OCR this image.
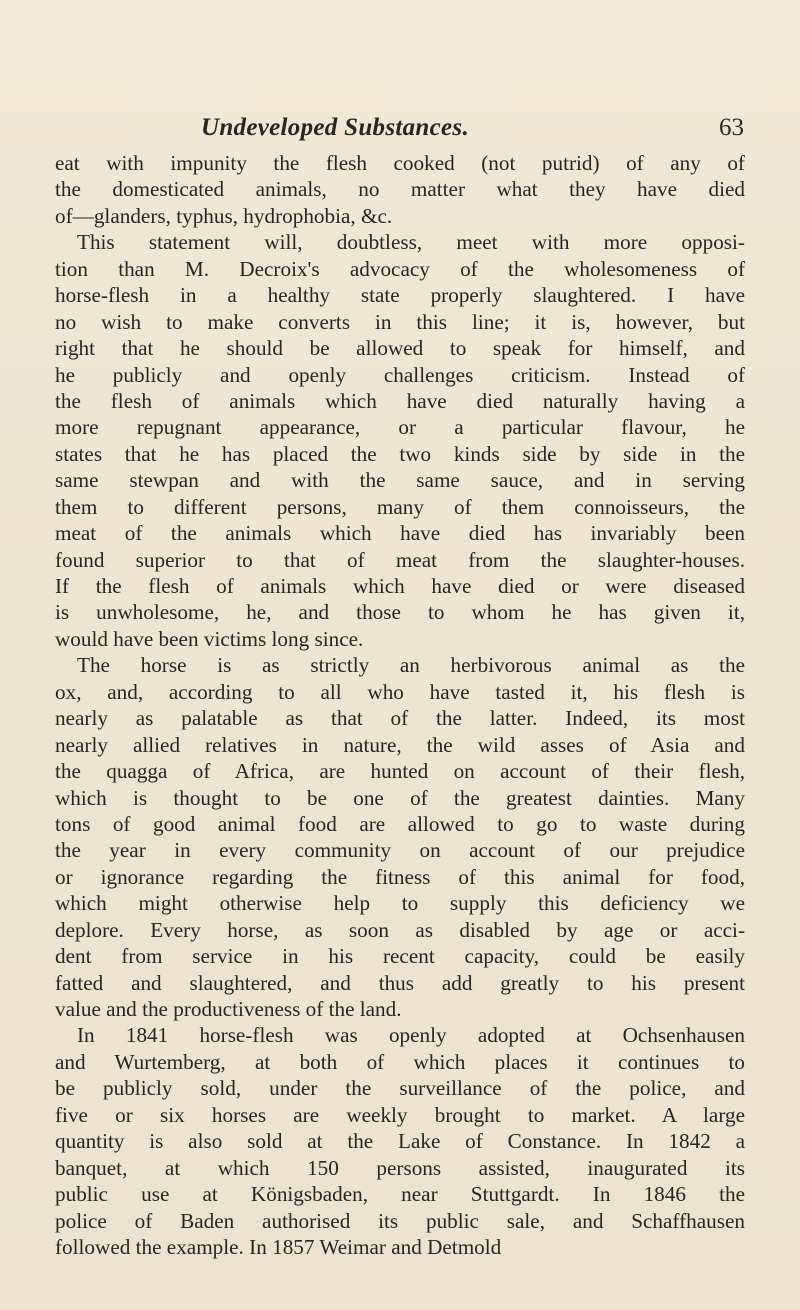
Undeveloped Substances.	63
eat with impunity the flesh cooked (not putrid) of any of
the domesticated animals, no matter what they have died
of—glanders, typhus, hydrophobia, &c.
This statement will, doubtless, meet with more opposi-
tion than M. Decroix's advocacy of the wholesomeness of
horse-flesh in a healthy state properly slaughtered. I have
no wish to make converts in this line; it is, however, but
right that he should be allowed to speak for himself, and
he publicly and openly challenges criticism. Instead of
the flesh of animals which have died naturally having a
more repugnant appearance, or a particular flavour, he
states that he has placed the two kinds side by side in the
same stewpan and with the same sauce, and in serving
them to different persons, many of them connoisseurs, the
meat of the animals which have died has invariably been
found superior to that of meat from the slaughter-houses.
If the flesh of animals which have died or were diseased
is unwholesome, he, and those to whom he has given it,
would have been victims long since.
The horse is as strictly an herbivorous animal as the
ox, and, according to all who have tasted it, his flesh is
nearly as palatable as that of the latter. Indeed, its most
nearly allied relatives in nature, the wild asses of Asia and
the quagga of Africa, are hunted on account of their flesh,
which is thought to be one of the greatest dainties. Many
tons of good animal food are allowed to go to waste during
the year in every community on account of our prejudice
or ignorance regarding the fitness of this animal for food,
which might otherwise help to supply this deficiency we
deplore. Every horse, as soon as disabled by age or acci-
dent from service in his recent capacity, could be easily
fatted and slaughtered, and thus add greatly to his present
value and the productiveness of the land.
In 1841 horse-flesh was openly adopted at Ochsenhausen
and Wurtemberg, at both of which places it continues to
be publicly sold, under the surveillance of the police, and
five or six horses are weekly brought to market. A large
quantity is also sold at the Lake of Constance. In 1842 a
banquet, at which 150 persons assisted, inaugurated its
public use at Königsbaden, near Stuttgardt. In 1846 the
police of Baden authorised its public sale, and Schaffhausen
followed the example. In 1857 Weimar and Detmold
